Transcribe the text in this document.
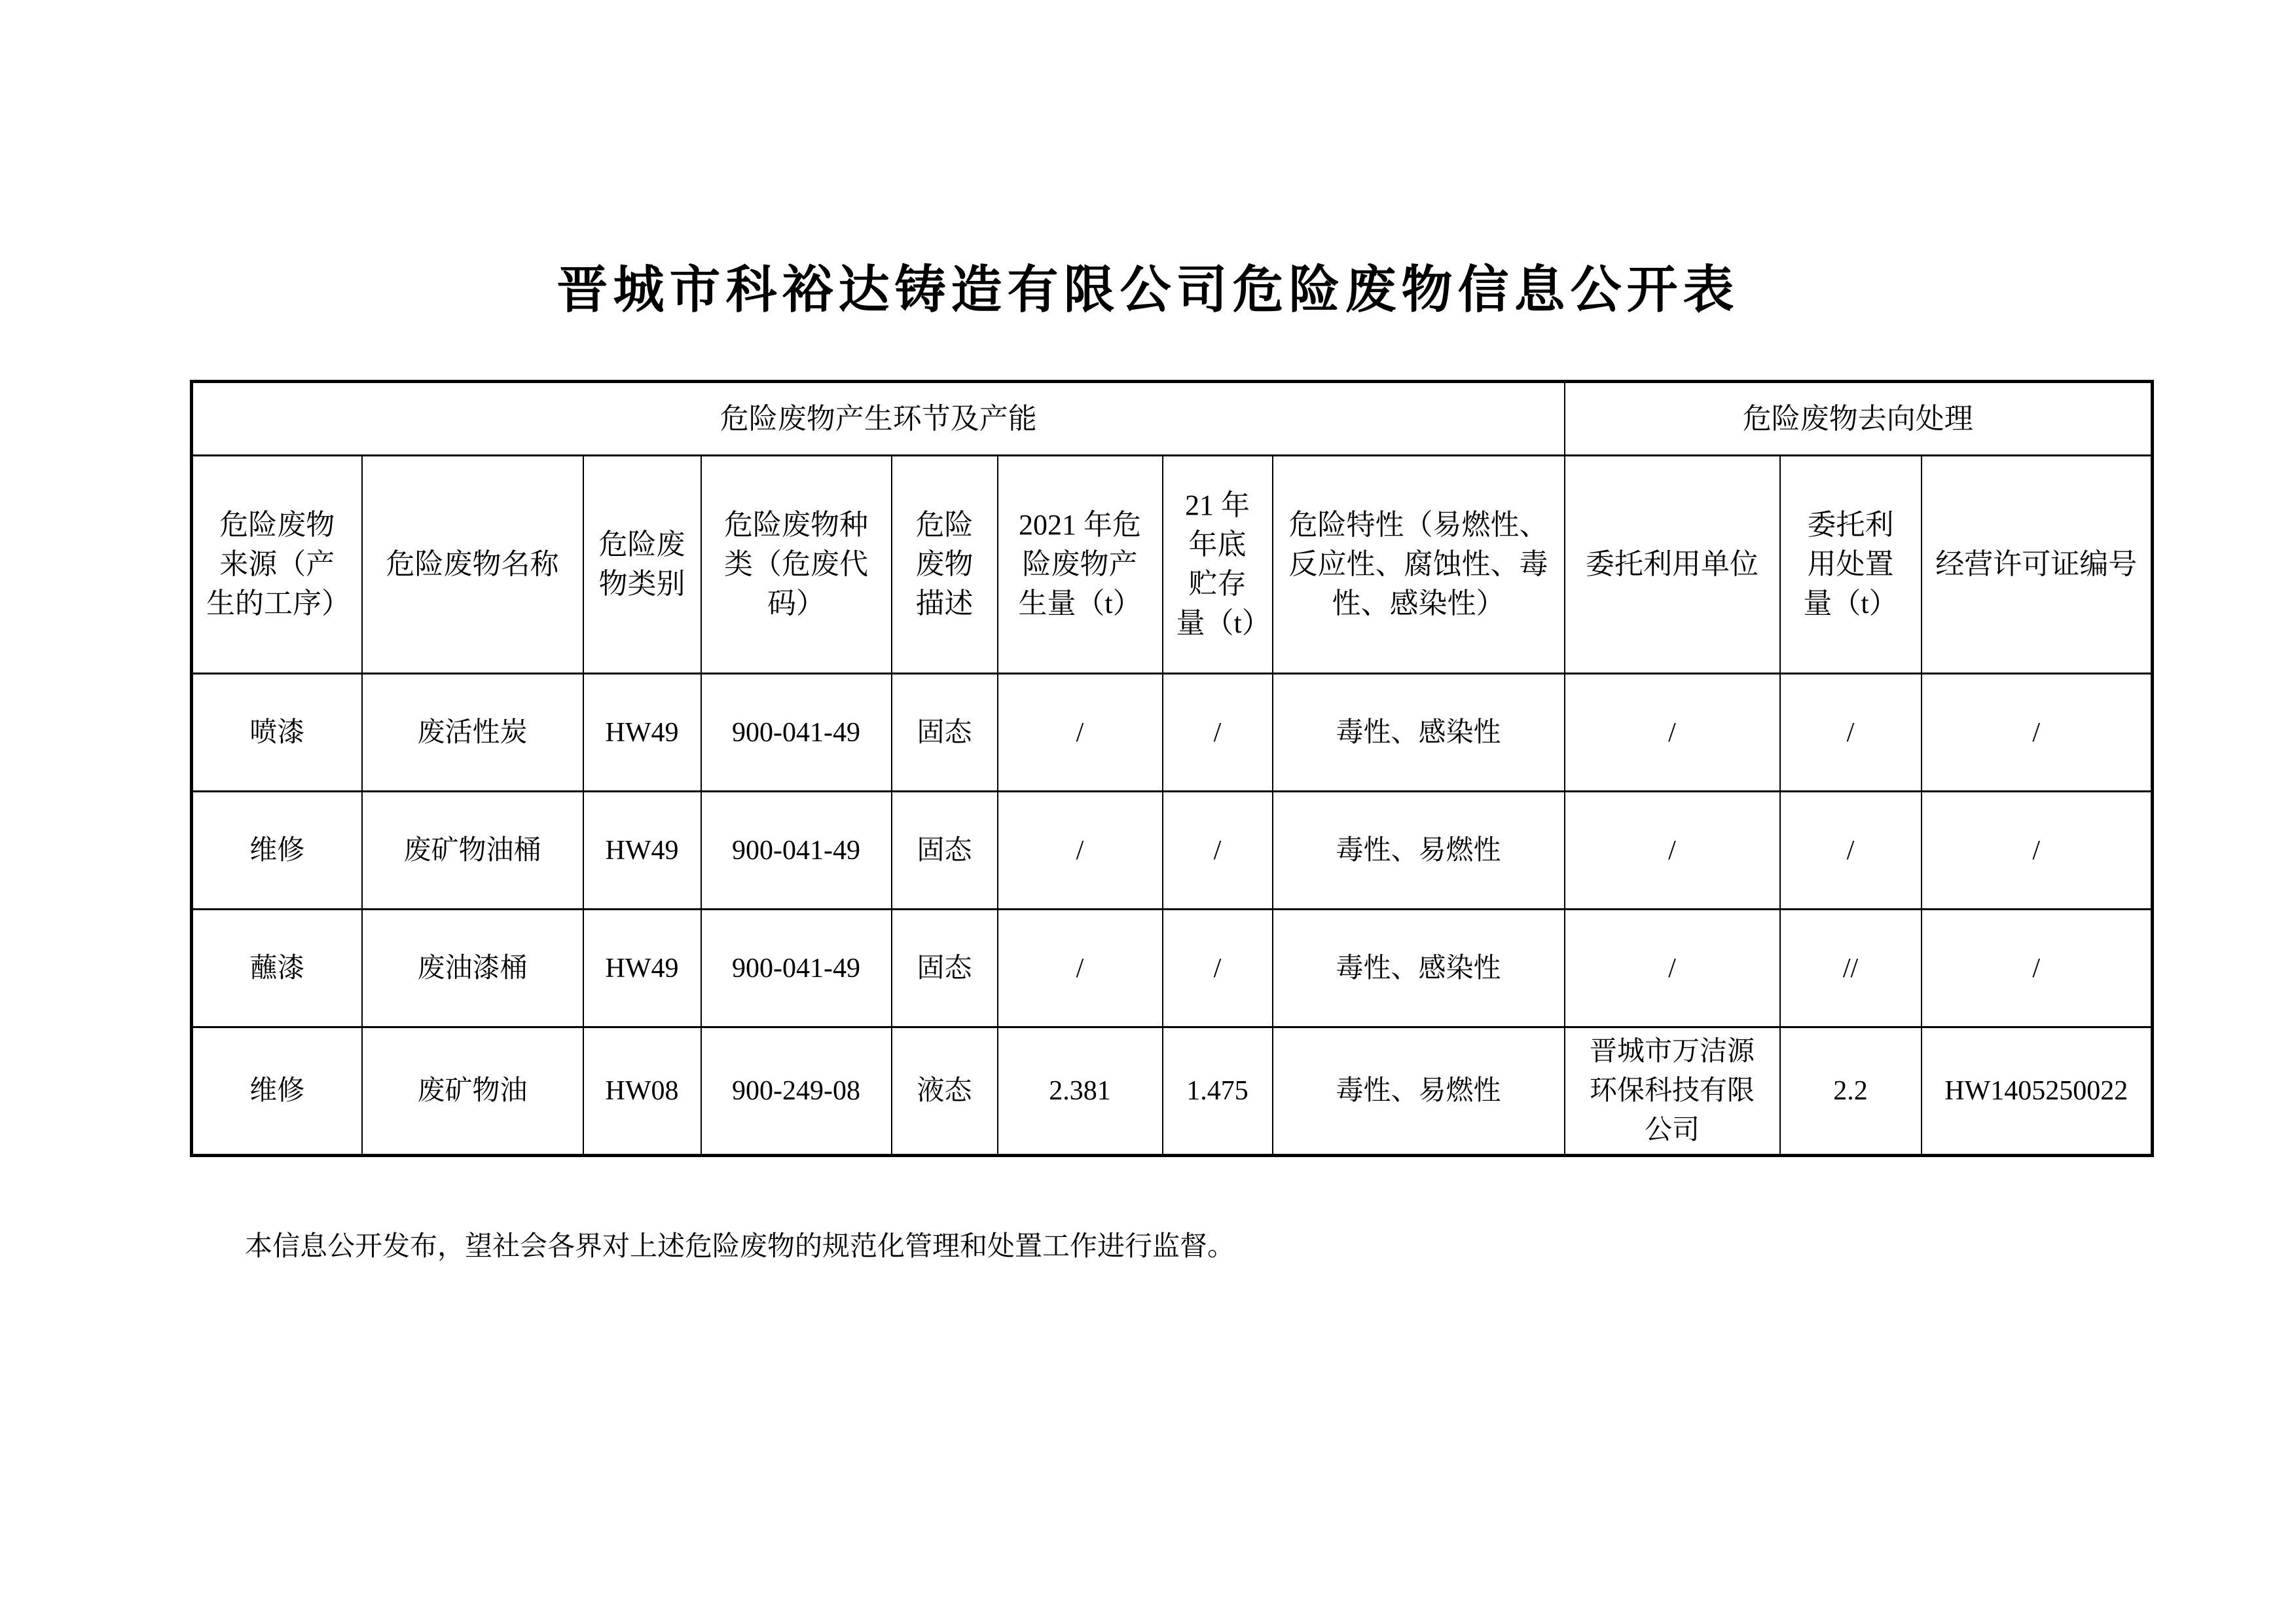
晋城市科裕达铸造有限公司危险废物信息公开表
危险废物产生环节及产能								危险废物去向处理		
危险废物来源（产生的工序）	危险废物名称	危险废物类别	危险废物种类（危废代码）	危险废物描述	2021 年危险废物产生量（t）	21 年年底贮存量（t）	危险特性（易燃性、反应性、腐蚀性、毒性、感染性）	委托利用单位	委托利用处置量（t）	经营许可证编号
喷漆	废活性炭	HW49	900-041-49	固态	/	/	毒性、感染性	/	/	/
维修	废矿物油桶	HW49	900-041-49	固态	/	/	毒性、易燃性	/	/	/
蘸漆	废油漆桶	HW49	900-041-49	固态	/	/	毒性、感染性	/	//	/
维修	废矿物油	HW08	900-249-08	液态	2.381	1.475	毒性、易燃性	晋城市万洁源环保科技有限公司	2.2	HW1405250022
本信息公开发布，望社会各界对上述危险废物的规范化管理和处置工作进行监督。
